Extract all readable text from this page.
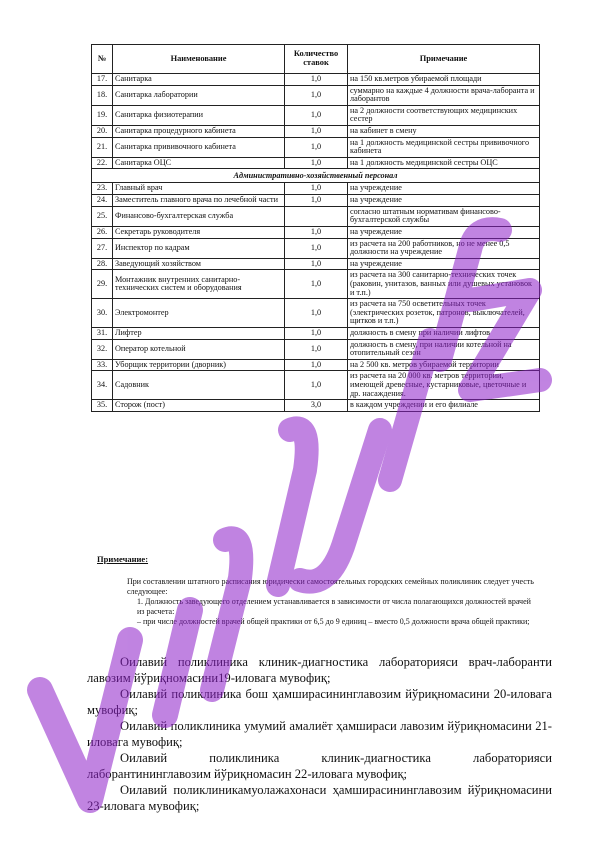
№	Наименование	Количество ставок	Примечание
17.	Санитарка	1,0	на 150 кв.метров убираемой площади
18.	Санитарка лаборатории	1,0	суммарно на каждые 4 должности врача-лаборанта и лаборантов
19.	Санитарка физиотерапии	1,0	на 2 должности соответствующих медицинских сестер
20.	Санитарка процедурного кабинета	1,0	на кабинет в смену
21.	Санитарка прививочного кабинета	1,0	на 1 должность медицинской сестры прививочного кабинета
22.	Санитарка ОЦС	1,0	на 1 должность медицинской сестры ОЦС
Административно-хозяйственный персонал			
23.	Главный врач	1,0	на учреждение
24.	Заместитель главного врача по лечебной части	1,0	на учреждение
25.	Финансово-бухгалтерская служба		согласно штатным нормативам финансово-бухгалтерской службы
26.	Секретарь руководителя	1,0	на учреждение
27.	Инспектор по кадрам	1,0	из расчета на 200 работников, но не менее 0,5 должности на учреждение
28.	Заведующий хозяйством	1,0	на учреждение
29.	Монтажник внутренних санитарно-технических систем и оборудования	1,0	из расчета на 300 санитарно-технических точек (раковин, унитазов, ванных или душевых установок и т.п.)
30.	Электромонтер	1,0	из расчета на 750 осветительных точек (электрических розеток, патронов, выключателей, щитков и т.п.)
31.	Лифтер	1,0	должность в смену при наличии лифтов
32.	Оператор котельной	1,0	должность в смену, при наличии котельной на отопительный сезон
33.	Уборщик территории (дворник)	1,0	на 2 500 кв. метров убираемой территории
34.	Садовник	1,0	из расчета на 20 000 кв. метров территории, имеющей древесные, кустарниковые, цветочные и др. насаждения.
35.	Сторож (пост)	3,0	в каждом учреждении и его филиале
Примечание:

При составлении штатного расписания юридически самостоятельных городских семейных поликлиник следует учесть следующее:

1. Должность заведующего отделением устанавливается в зависимости от числа полагающихся должностей врачей из расчета:

– при числе должностей врачей общей практики от 6,5 до 9 единиц – вместо 0,5 должности врача общей практики;

Оилавий поликлиника клиник-диагностика лабораторияси врач-лаборанти лавозим йўриқномасини19-иловага мувофиқ;

Оилавий поликлиника бош ҳамширасининглавозим йўриқномасини 20-иловага мувофиқ;

Оилавий поликлиника умумий амалиёт ҳамшираси лавозим йўриқномасини 21-иловага мувофиқ;

Оилавий поликлиника клиник-диагностика лабораторияси лаборантининглавозим йўриқномасин 22-иловага мувофиқ;

Оилавий поликлиникамуолажахонаси ҳамширасининглавозим йўриқномасини 23-иловага мувофиқ;
